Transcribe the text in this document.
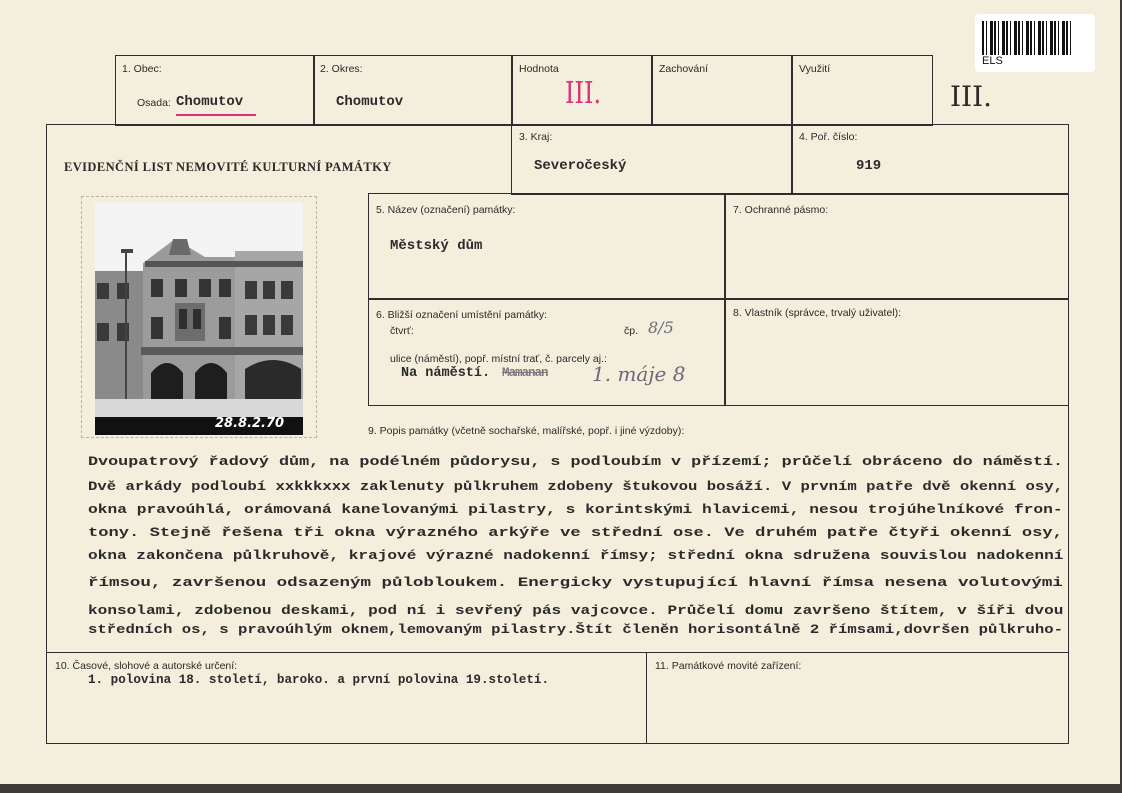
1. Obec:
Osada: Chomutov
2. Okres:
Chomutov
Hodnota
III.
Zachování	Využití
III.
ELS
EVIDENČNÍ LIST NEMOVITÉ KULTURNÍ PAMÁTKY
3. Kraj:
Severočeský
4. Poř. číslo:
919
28.8.2.70
5. Název (označení) památky:
Městský dům
7. Ochranné pásmo:
6. Bližší označení umístění památky:
čtvrť:	čp. 8/5
ulice (náměstí), popř. místní trať, č. parcely aj.:
Na náměstí. Mamanan 1. máje 8
8. Vlastník (správce, trvalý uživatel):
9. Popis památky (včetně sochařské, malířské, popř. i jiné výzdoby):
Dvoupatrový řadový dům, na podélném půdorysu, s podloubím v přízemí; průčelí obráceno do náměstí.
Dvě arkády podloubí xxkkkxxx zaklenuty půlkruhem zdobeny štukovou bosáží. V prvním patře dvě okenní osy,
okna pravoúhlá, orámovaná kanelovanými pilastry, s korintskými hlavicemi, nesou trojúhelníkové fron-
tony. Stejně řešena tři okna výrazného arkýře ve střední ose. Ve druhém patře čtyři okenní osy,
okna zakončena půlkruhově, krajové výrazné nadokenní římsy; střední okna sdružena souvislou nadokenní
římsou, završenou odsazeným půlobloukem. Energicky vystupující hlavní římsa nesena volutovými
konsolami, zdobenou deskami, pod ní i sevřený pás vajcovce. Průčelí domu završeno štítem, v šíři dvou
středních os, s pravoúhlým oknem,lemovaným pilastry.Štít členěn horisontálně 2 římsami,dovršen půlkruho-
10. Časové, slohové a autorské určení:
1. polovina 18. století, baroko. a první polovina 19.století.
11. Památkové movité zařízení:
